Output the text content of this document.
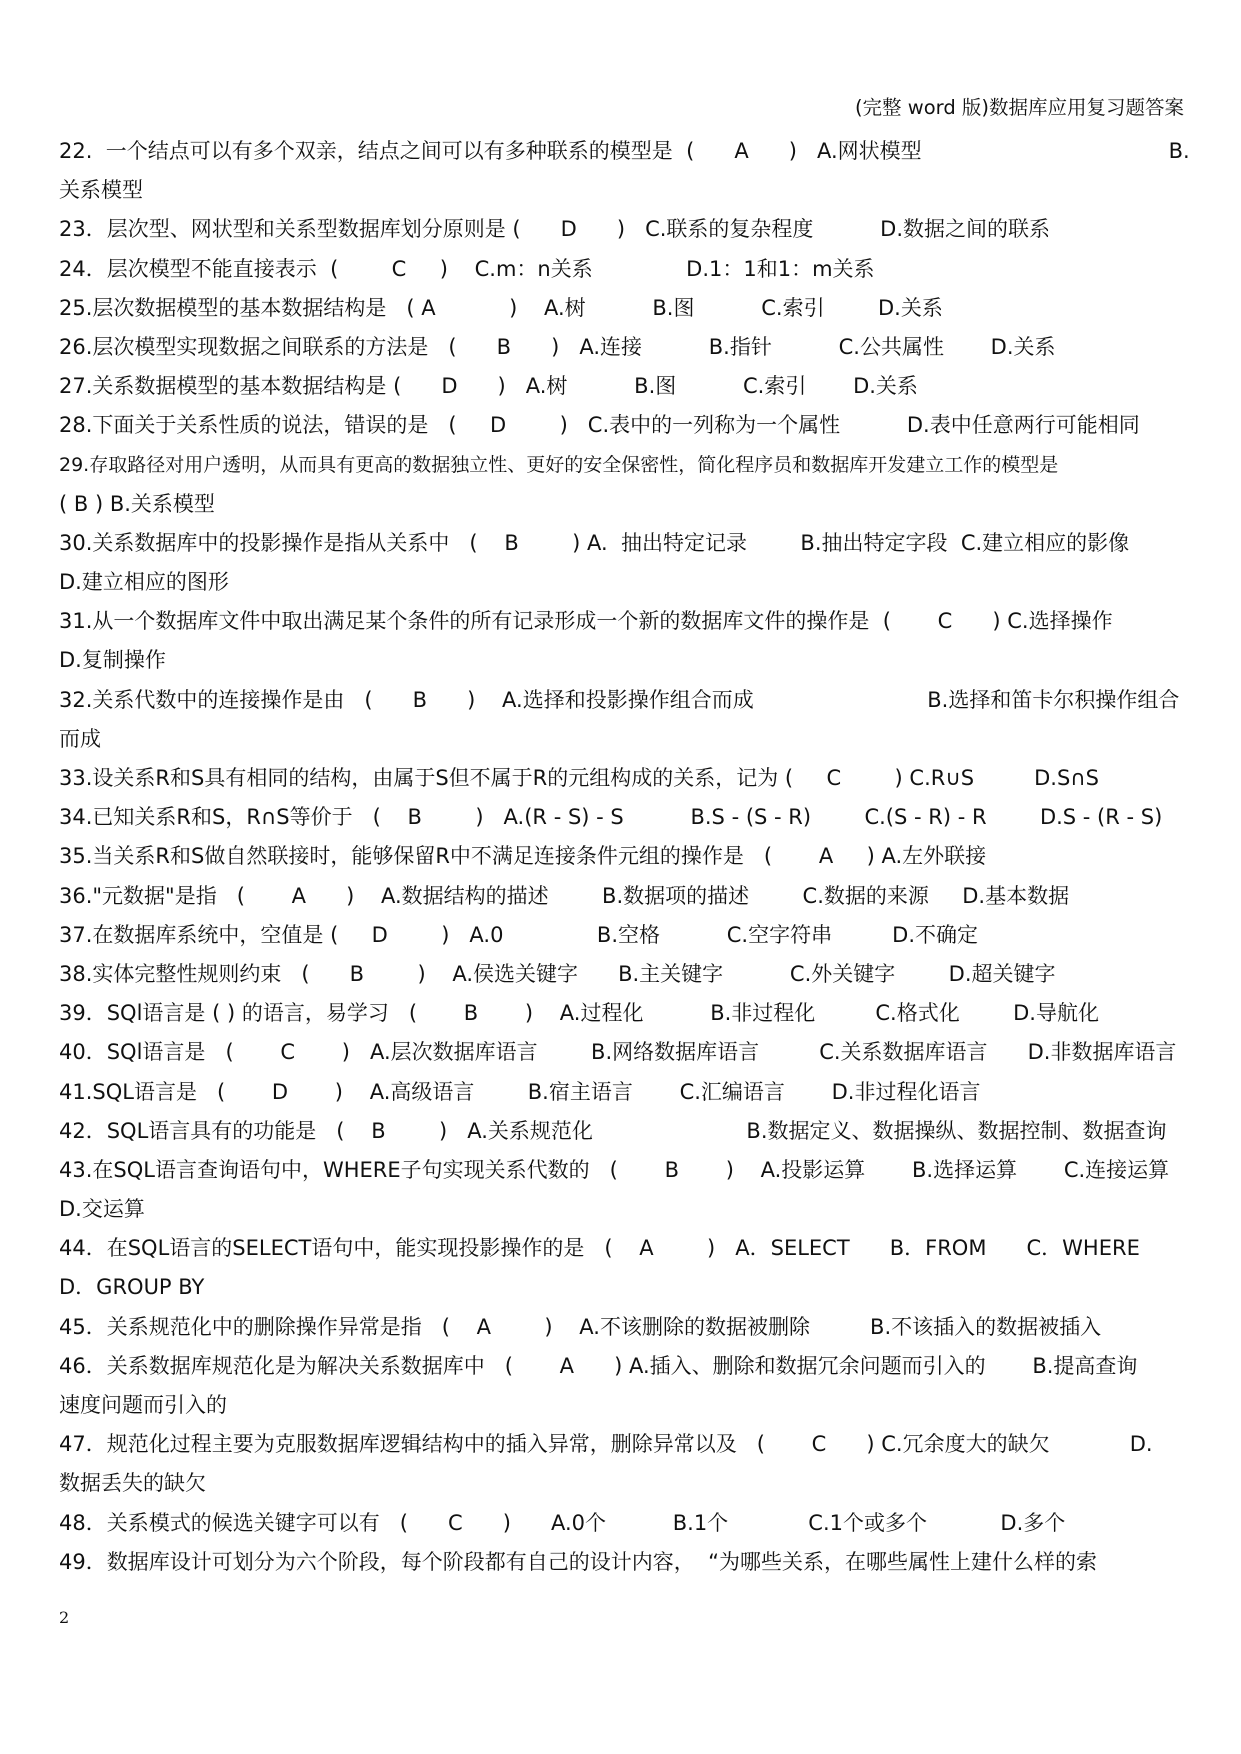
(完整 word 版)数据库应用复习题答案
22.  一个结点可以有多个双亲，结点之间可以有多种联系的模型是  (      A      )   A.网状模型                                     B.
关系模型
23．层次型、网状型和关系型数据库划分原则是 (      D      )   C.联系的复杂程度          D.数据之间的联系
24．层次模型不能直接表示  (        C     )    C.m：n关系              D.1：1和1：m关系
25.层次数据模型的基本数据结构是   ( A           )    A.树          B.图          C.索引        D.关系
26.层次模型实现数据之间联系的方法是   (      B      )   A.连接          B.指针          C.公共属性       D.关系
27.关系数据模型的基本数据结构是 (      D      )   A.树          B.图          C.索引       D.关系
28.下面关于关系性质的说法，错误的是   (     D        )   C.表中的一列称为一个属性          D.表中任意两行可能相同
29.存取路径对用户透明，从而具有更高的数据独立性、更好的安全保密性，简化程序员和数据库开发建立工作的模型是
( B ) B.关系模型
30.关系数据库中的投影操作是指从关系中   (    B        ) A.  抽出特定记录        B.抽出特定字段  C.建立相应的影像
D.建立相应的图形
31.从一个数据库文件中取出满足某个条件的所有记录形成一个新的数据库文件的操作是  (       C      ) C.选择操作
D.复制操作
32.关系代数中的连接操作是由   (      B      )    A.选择和投影操作组合而成                          B.选择和笛卡尔积操作组合
而成
33.设关系R和S具有相同的结构，由属于S但不属于R的元组构成的关系，记为 (     C        ) C.R∪S         D.S∩S
34.已知关系R和S，R∩S等价于   (    B        )   A.(R - S) - S          B.S - (S - R)        C.(S - R) - R        D.S - (R - S)
35.当关系R和S做自然联接时，能够保留R中不满足连接条件元组的操作是   (       A     ) A.左外联接
36."元数据"是指   (       A      )    A.数据结构的描述        B.数据项的描述        C.数据的来源     D.基本数据
37.在数据库系统中，空值是 (     D        )   A.0              B.空格          C.空字符串         D.不确定
38.实体完整性规则约束   (      B        )    A.侯选关键字      B.主关键字          C.外关键字        D.超关键字
39．SQl语言是 ( ) 的语言，易学习   (       B       )    A.过程化          B.非过程化         C.格式化        D.导航化
40．SQl语言是   (       C       )   A.层次数据库语言        B.网络数据库语言         C.关系数据库语言      D.非数据库语言
41.SQL语言是   (       D       )    A.高级语言        B.宿主语言       C.汇编语言       D.非过程化语言
42．SQL语言具有的功能是   (    B        )   A.关系规范化                       B.数据定义、数据操纵、数据控制、数据查询
43.在SQL语言查询语句中，WHERE子句实现关系代数的   (       B       )    A.投影运算       B.选择运算       C.连接运算
D.交运算
44．在SQL语言的SELECT语句中，能实现投影操作的是   (    A        )   A．SELECT      B．FROM      C．WHERE
D．GROUP BY
45．关系规范化中的删除操作异常是指   (    A        )    A.不该删除的数据被删除         B.不该插入的数据被插入
46．关系数据库规范化是为解决关系数据库中   (       A      ) A.插入、删除和数据冗余问题而引入的       B.提高查询
速度问题而引入的
47．规范化过程主要为克服数据库逻辑结构中的插入异常，删除异常以及   (       C      ) C.冗余度大的缺欠            D.
数据丢失的缺欠
48．关系模式的候选关键字可以有   (      C      )      A.0个          B.1个            C.1个或多个           D.多个
49．数据库设计可划分为六个阶段，每个阶段都有自己的设计内容，  “为哪些关系，在哪些属性上建什么样的索
2
